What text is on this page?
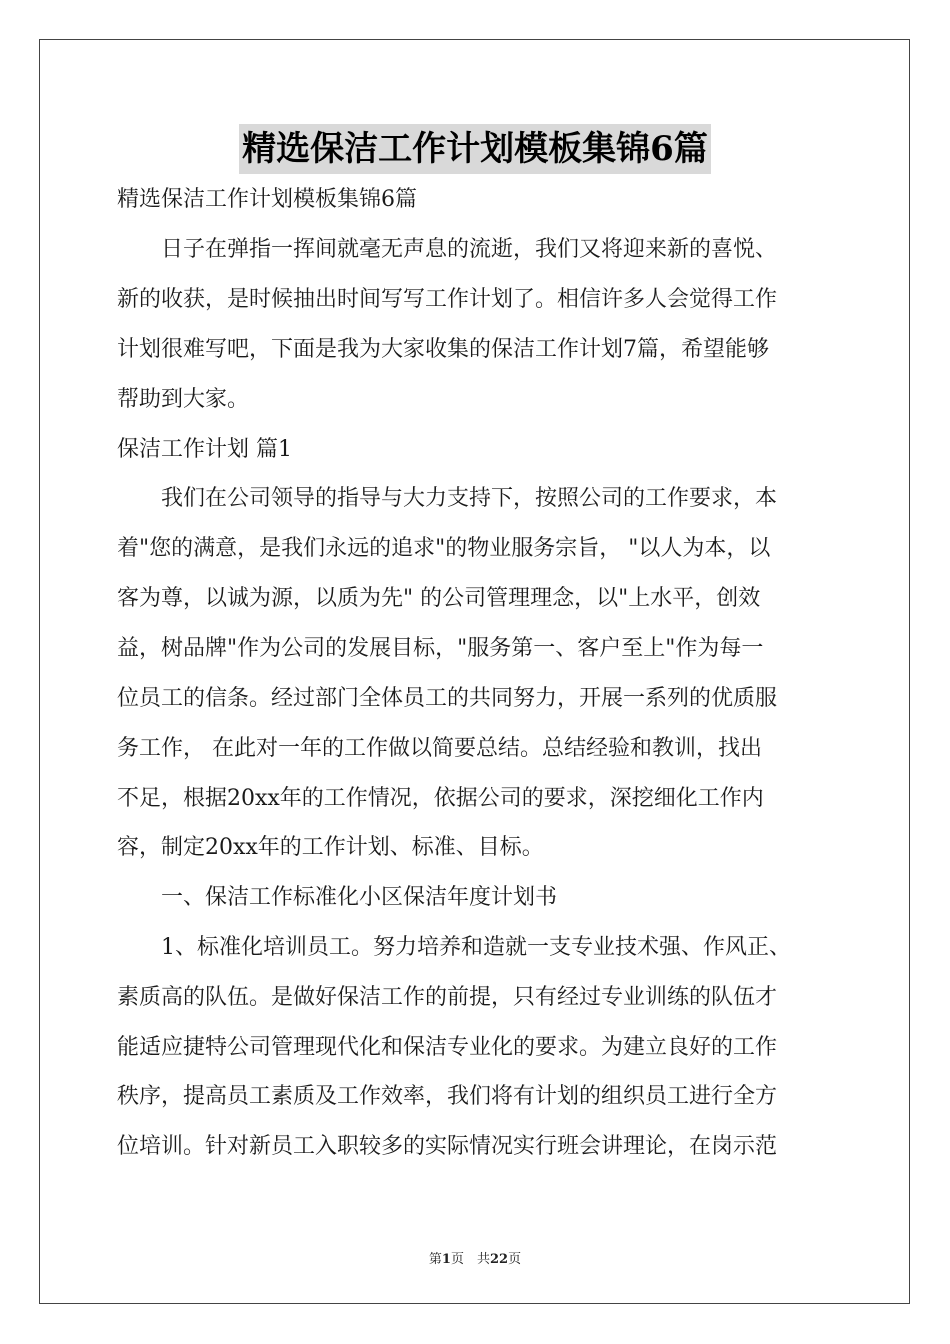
精选保洁工作计划模板集锦6篇
精选保洁工作计划模板集锦6篇
　　日子在弹指一挥间就毫无声息的流逝，我们又将迎来新的喜悦、
新的收获，是时候抽出时间写写工作计划了。相信许多人会觉得工作
计划很难写吧，下面是我为大家收集的保洁工作计划7篇，希望能够
帮助到大家。
保洁工作计划 篇1
　　我们在公司领导的指导与大力支持下，按照公司的工作要求，本
着"您的满意，是我们永远的追求"的物业服务宗旨， "以人为本，以
客为尊，以诚为源，以质为先" 的公司管理理念，以"上水平，创效
益，树品牌"作为公司的发展目标，"服务第一、客户至上"作为每一
位员工的信条。经过部门全体员工的共同努力，开展一系列的优质服
务工作， 在此对一年的工作做以简要总结。总结经验和教训，找出
不足，根据20xx年的工作情况，依据公司的要求，深挖细化工作内
容，制定20xx年的工作计划、标准、目标。
　　一、保洁工作标准化小区保洁年度计划书
　　1、标准化培训员工。努力培养和造就一支专业技术强、作风正、
素质高的队伍。是做好保洁工作的前提，只有经过专业训练的队伍才
能适应捷特公司管理现代化和保洁专业化的要求。为建立良好的工作
秩序，提高员工素质及工作效率，我们将有计划的组织员工进行全方
位培训。针对新员工入职较多的实际情况实行班会讲理论，在岗示范
第1页　共22页
